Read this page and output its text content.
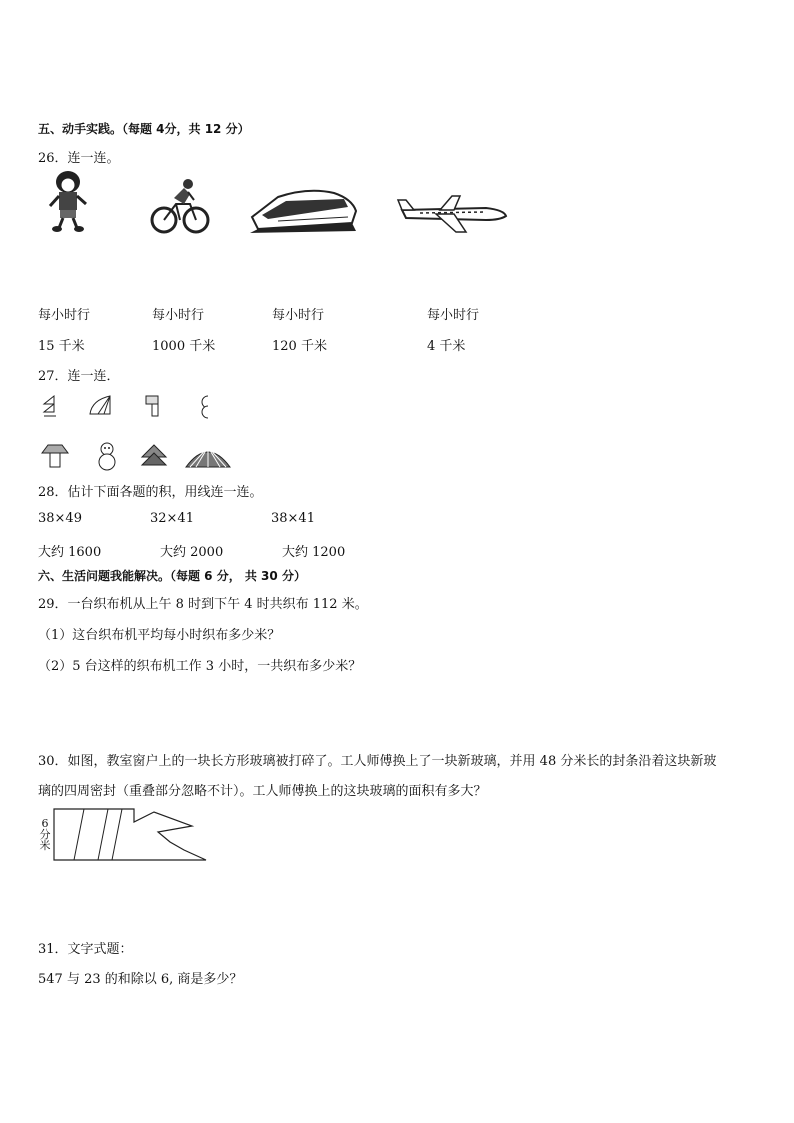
五、动手实践。（每题 4分，共 12 分）
26．连一连。
每小时行	每小时行	每小时行	每小时行
15 千米	1000 千米	120 千米	4 千米
27．连一连．
28．估计下面各题的积，用线连一连。
38×49	32×41	38×41
大约 1600	大约 2000	大约 1200
六、生活问题我能解决。（每题 6 分， 共 30 分）
29．一台织布机从上午 8 时到下午 4 时共织布 112 米。
（1）这台织布机平均每小时织布多少米？
（2）5 台这样的织布机工作 3 小时，一共织布多少米？
30．如图，教室窗户上的一块长方形玻璃被打碎了。工人师傅换上了一块新玻璃，并用 48 分米长的封条沿着这块新玻
璃的四周密封（重叠部分忽略不计）。工人师傅换上的这块玻璃的面积有多大？
6
分
米
31．文字式题：
547 与 23 的和除以 6, 商是多少？
